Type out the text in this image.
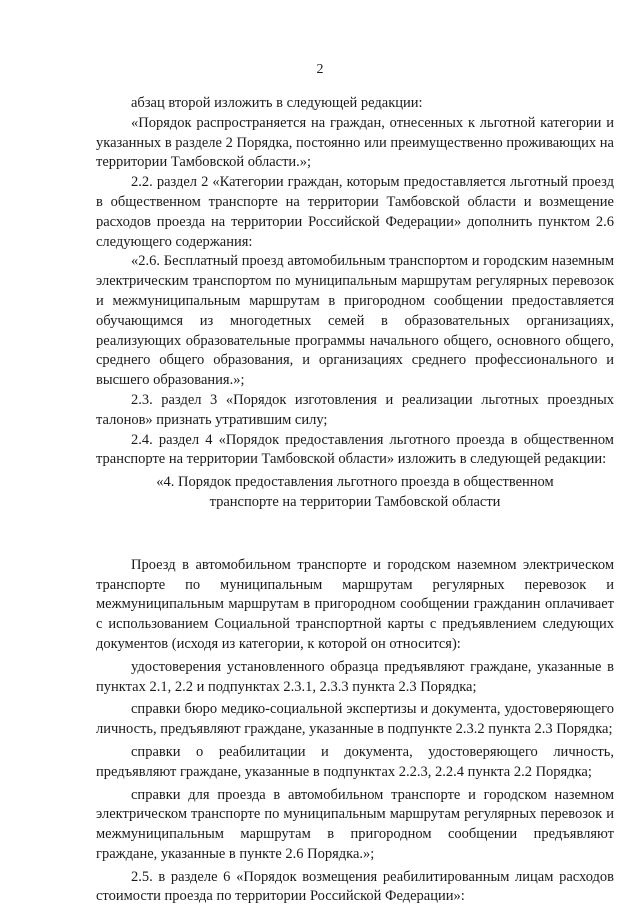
2

абзац второй изложить в следующей редакции:

«Порядок распространяется на граждан, отнесенных к льготной категории и указанных в разделе 2 Порядка, постоянно или преимущественно проживающих на территории Тамбовской области.»;

2.2. раздел 2 «Категории граждан, которым предоставляется льготный проезд в общественном транспорте на территории Тамбовской области и возмещение расходов проезда на территории Российской Федерации» дополнить пунктом 2.6 следующего содержания:

«2.6. Бесплатный проезд автомобильным транспортом и городским наземным электрическим транспортом по муниципальным маршрутам регулярных перевозок и межмуниципальным маршрутам в пригородном сообщении предоставляется обучающимся из многодетных семей в образовательных организациях, реализующих образовательные программы начального общего, основного общего, среднего общего образования, и организациях среднего профессионального и высшего образования.»;

2.3. раздел 3 «Порядок изготовления и реализации льготных проездных талонов» признать утратившим силу;

2.4. раздел 4 «Порядок предоставления льготного проезда в общественном транспорте на территории Тамбовской области» изложить в следующей редакции:

«4. Порядок предоставления льготного проезда в общественном транспорте на территории Тамбовской области

Проезд в автомобильном транспорте и городском наземном электрическом транспорте по муниципальным маршрутам регулярных перевозок и межмуниципальным маршрутам в пригородном сообщении гражданин оплачивает с использованием Социальной транспортной карты с предъявлением следующих документов (исходя из категории, к которой он относится):

удостоверения установленного образца предъявляют граждане, указанные в пунктах 2.1, 2.2 и подпунктах 2.3.1, 2.3.3 пункта 2.3 Порядка;

справки бюро медико-социальной экспертизы и документа, удостоверяющего личность, предъявляют граждане, указанные в подпункте 2.3.2 пункта 2.3 Порядка;

справки о реабилитации и документа, удостоверяющего личность, предъявляют граждане, указанные в подпунктах 2.2.3, 2.2.4 пункта 2.2 Порядка;

справки для проезда в автомобильном транспорте и городском наземном электрическом транспорте по муниципальным маршрутам регулярных перевозок и межмуниципальным маршрутам в пригородном сообщении предъявляют граждане, указанные в пункте 2.6 Порядка.»;

2.5. в разделе 6 «Порядок возмещения реабилитированным лицам расходов стоимости проезда по территории Российской Федерации»:
